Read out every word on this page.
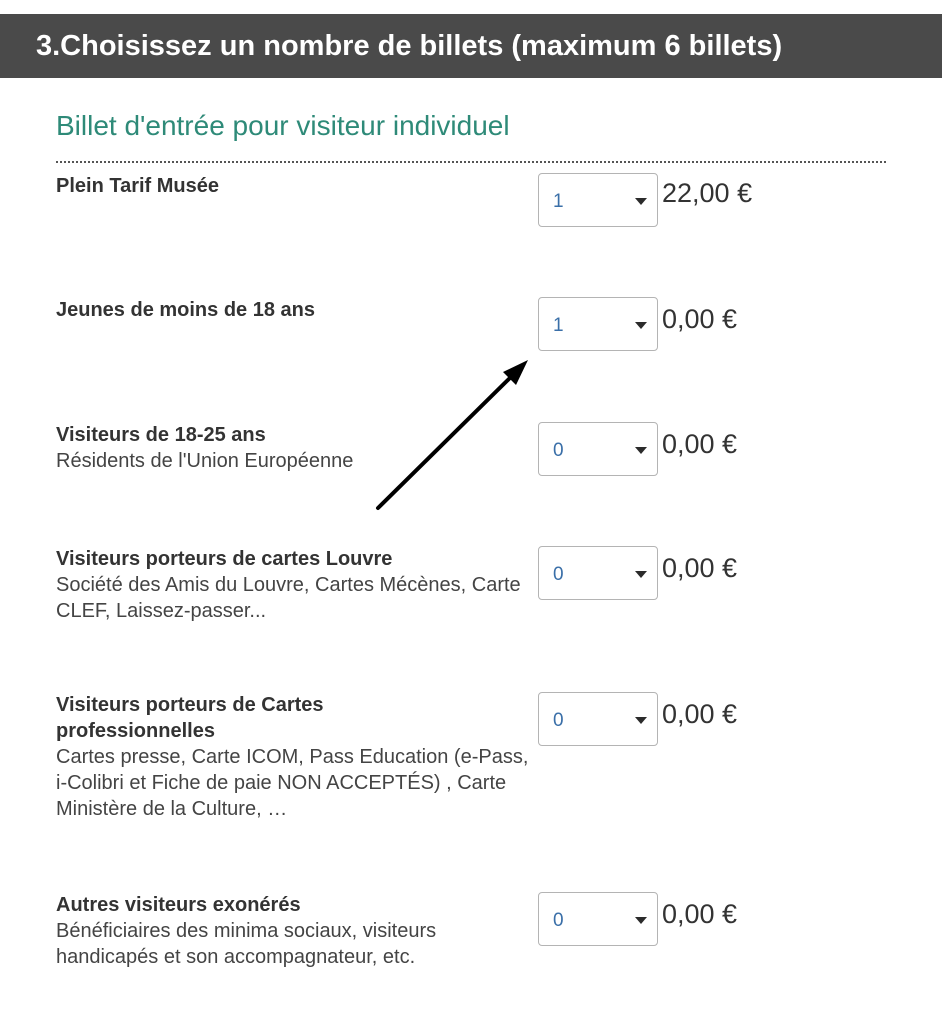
3.Choisissez un nombre de billets (maximum 6 billets)
Billet d'entrée pour visiteur individuel
Plein Tarif Musée
1	22,00 €
Jeunes de moins de 18 ans
1	0,00 €
Visiteurs de 18-25 ans
Résidents de l'Union Européenne	0	0,00 €
Visiteurs porteurs de cartes Louvre
Société des Amis du Louvre, Cartes Mécènes, Carte CLEF, Laissez-passer...
0	0,00 €
Visiteurs porteurs de Cartes professionnelles
Cartes presse, Carte ICOM, Pass Education (e-Pass, i-Colibri et Fiche de paie NON ACCEPTÉS) , Carte Ministère de la Culture, …
0	0,00 €
Autres visiteurs exonérés
Bénéficiaires des minima sociaux, visiteurs handicapés et son accompagnateur, etc.
0	0,00 €
